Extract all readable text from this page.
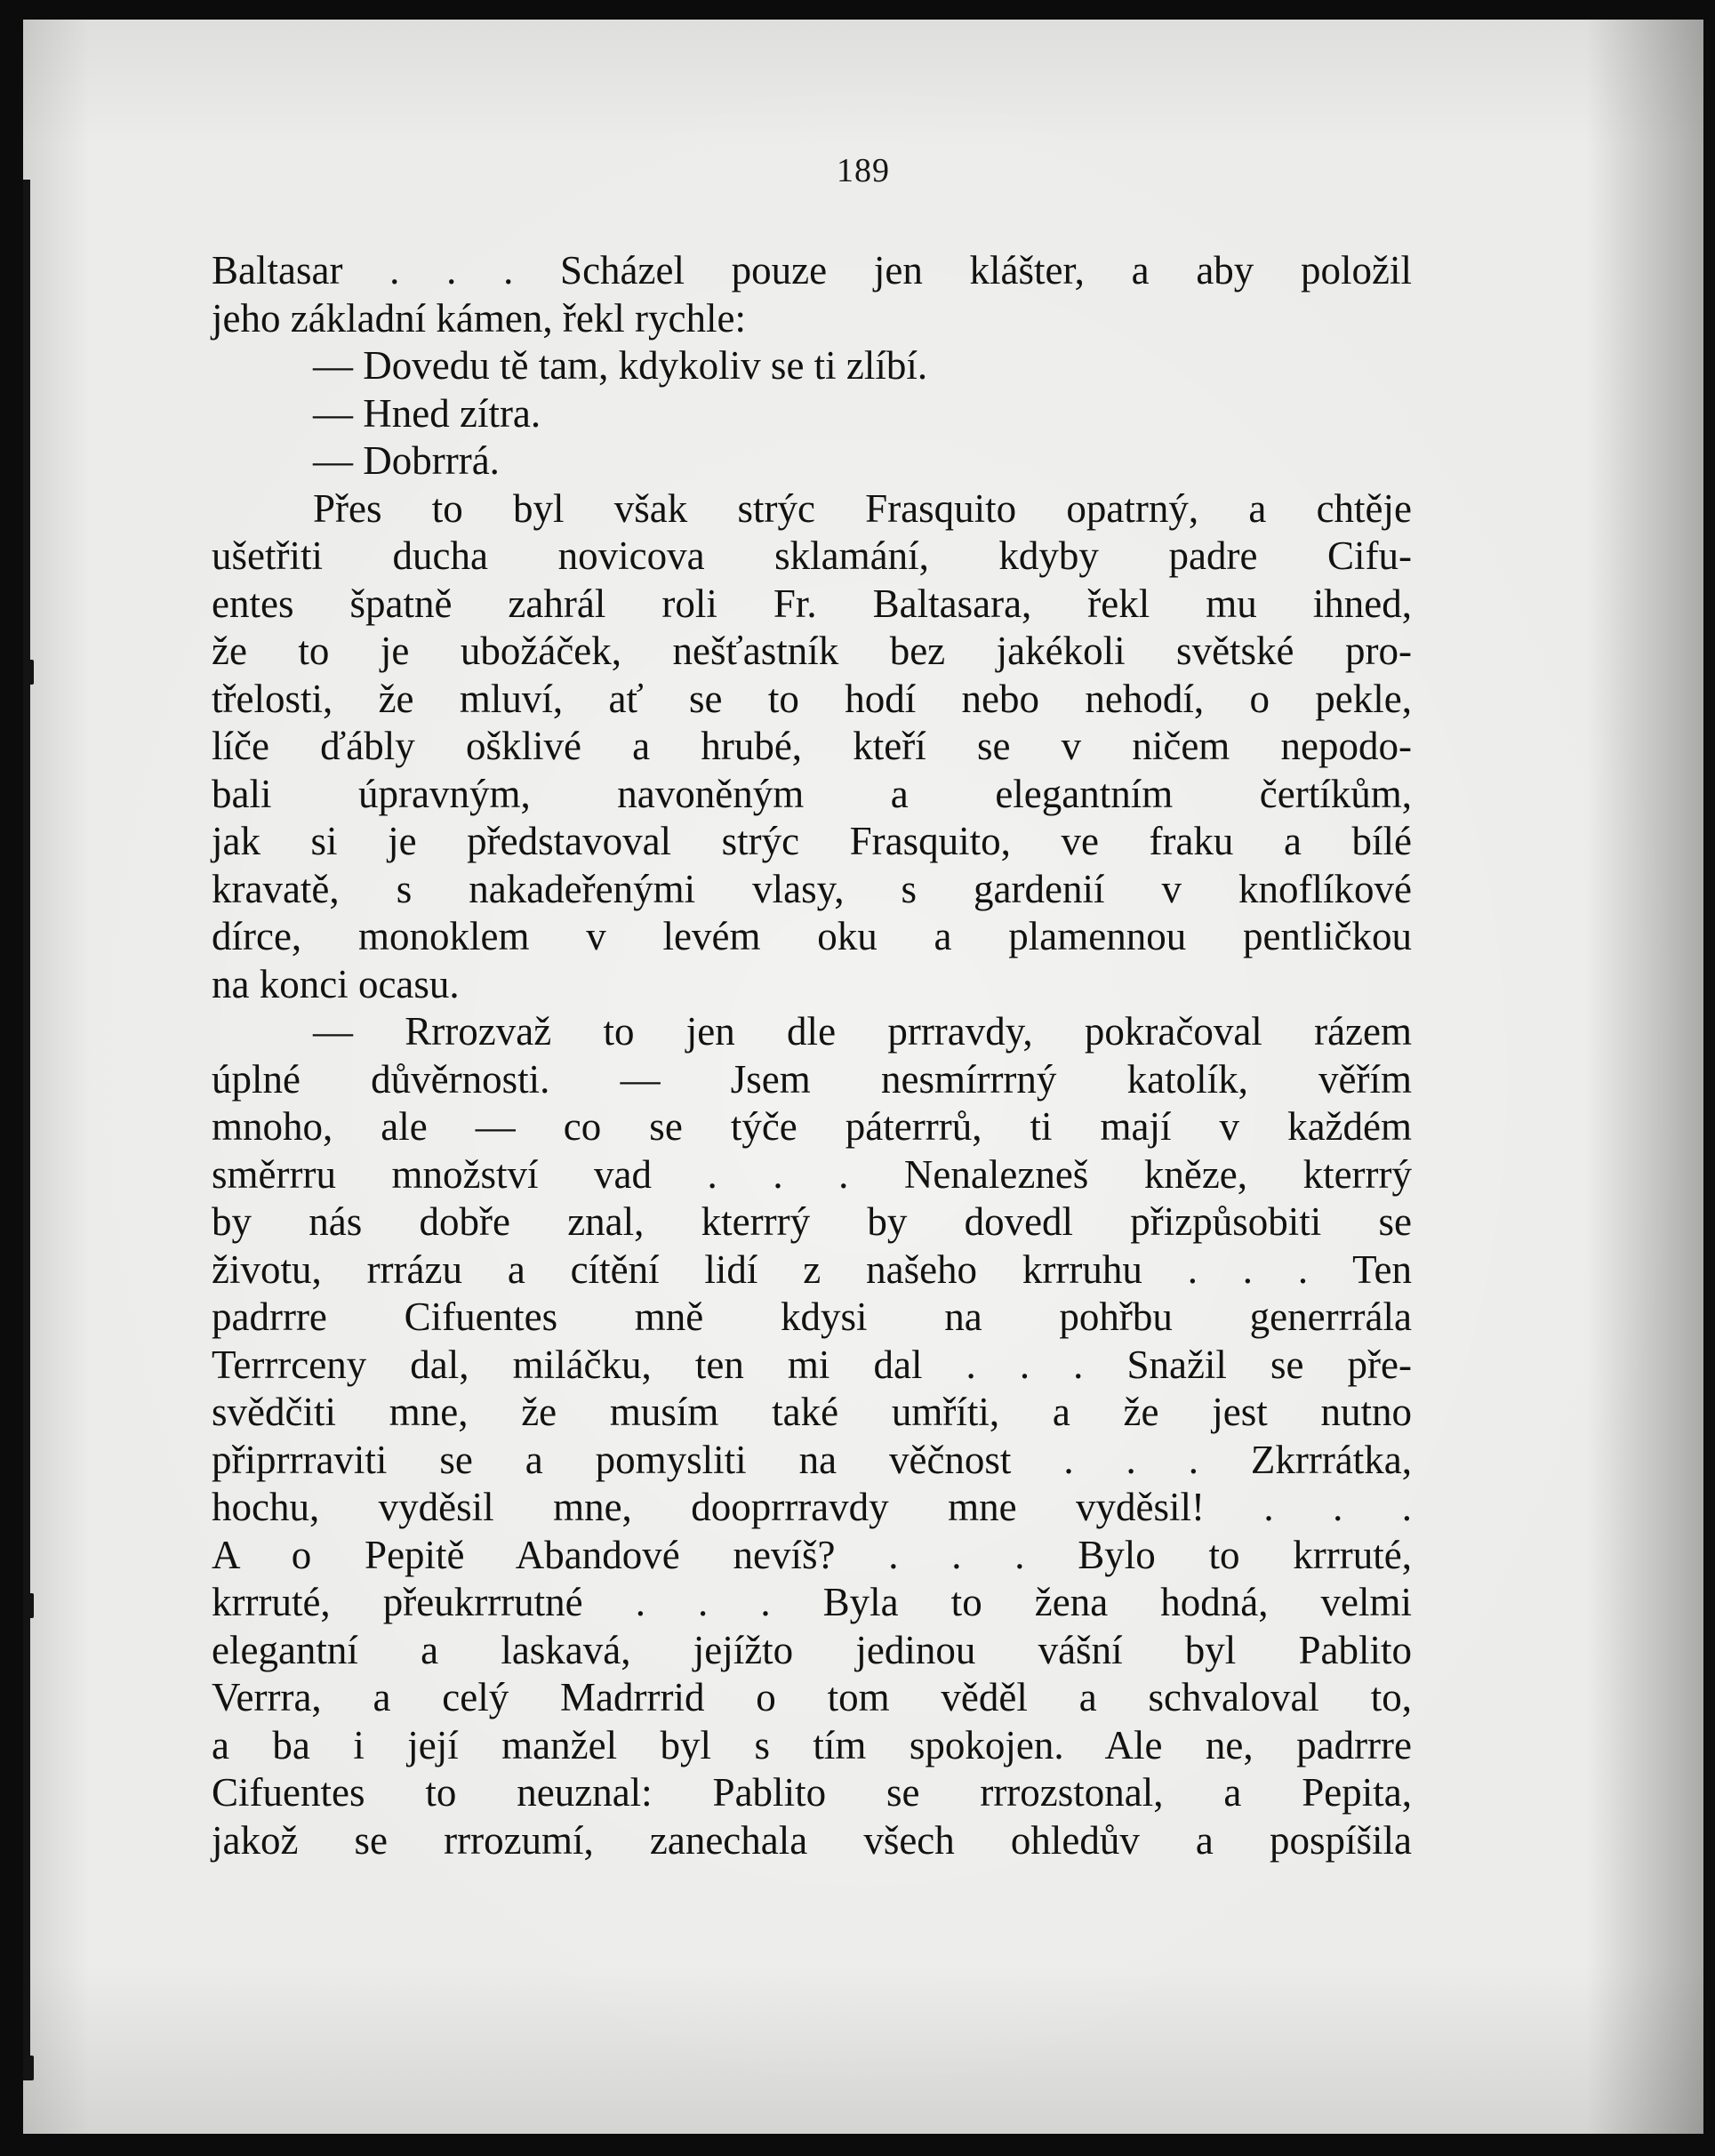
189
Baltasar . . . Scházel pouze jen klášter, a aby položil
jeho základní kámen, řekl rychle:
— Dovedu tě tam, kdykoliv se ti zlíbí.
— Hned zítra.
— Dobrrrá.
Přes to byl však strýc Frasquito opatrný, a chtěje
ušetřiti ducha novicova sklamání, kdyby padre Cifu-
entes špatně zahrál roli Fr. Baltasara, řekl mu ihned,
že to je ubožáček, nešťastník bez jakékoli světské pro-
třelosti, že mluví, ať se to hodí nebo nehodí, o pekle,
líče ďábly ošklivé a hrubé, kteří se v ničem nepodo-
bali úpravným, navoněným a elegantním čertíkům,
jak si je představoval strýc Frasquito, ve fraku a bílé
kravatě, s nakadeřenými vlasy, s gardenií v knoflíkové
dírce, monoklem v levém oku a plamennou pentličkou
na konci ocasu.
— Rrrozvaž to jen dle prrravdy, pokračoval rázem
úplné důvěrnosti. — Jsem nesmírrrný katolík, věřím
mnoho, ale — co se týče páterrrů, ti mají v každém
směrrru množství vad . . . Nenalezneš kněze, kterrrý
by nás dobře znal, kterrrý by dovedl přizpůsobiti se
životu, rrrázu a cítění lidí z našeho krrruhu . . . Ten
padrrre Cifuentes mně kdysi na pohřbu generrrála
Terrrceny dal, miláčku, ten mi dal . . . Snažil se pře-
svědčiti mne, že musím také umříti, a že jest nutno
připrrraviti se a pomysliti na věčnost . . . Zkrrrátka,
hochu, vyděsil mne, dooprrravdy mne vyděsil! . . .
A o Pepitě Abandové nevíš? . . . Bylo to krrruté,
krrruté, přeukrrrutné . . . Byla to žena hodná, velmi
elegantní a laskavá, jejížto jedinou vášní byl Pablito
Verrra, a celý Madrrrid o tom věděl a schvaloval to,
a ba i její manžel byl s tím spokojen. Ale ne, padrrre
Cifuentes to neuznal: Pablito se rrrozstonal, a Pepita,
jakož se rrrozumí, zanechala všech ohledův a pospíšila
